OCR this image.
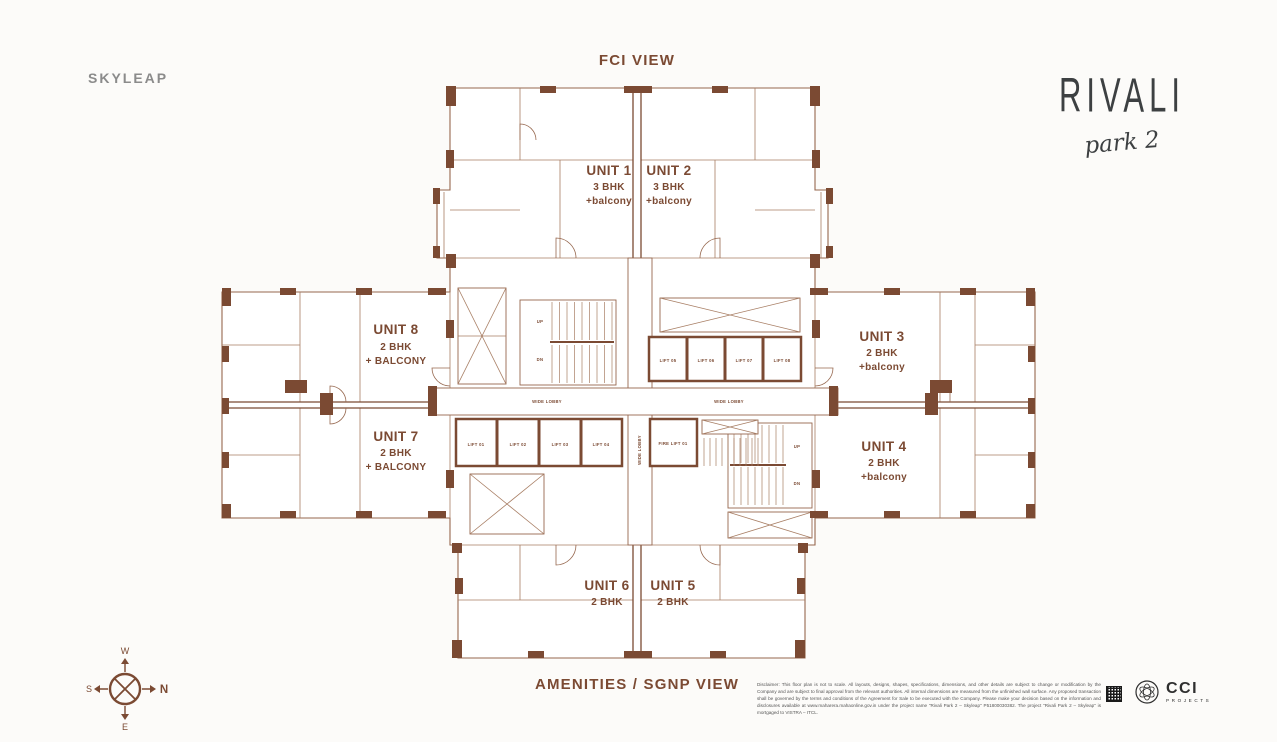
SKYLEAP
FCI VIEW
AMENITIES / SGNP VIEW
RIVALI
park 2
UP
DN
UP
DN
LIFT 05	LIFT 06	LIFT 07	LIFT 08
LIFT 01	LIFT 02	LIFT 03	LIFT 04	FIRE LIFT 01
WIDE LOBBY	WIDE LOBBY
WIDE LOBBY
UNIT 1
3 BHK
+balcony
UNIT 2
3 BHK
+balcony
UNIT 3
2 BHK
+balcony
UNIT 4
2 BHK
+balcony
UNIT 5
2 BHK
UNIT 6
2 BHK
UNIT 7
2 BHK
+ BALCONY
UNIT 8
2 BHK
+ BALCONY
W
N
S
E
Disclaimer: This floor plan is not to scale. All layouts, designs, shapes, specifications, dimensions, and other details are subject to change or modification by the Company and are subject to final approval from the relevant authorities. All internal dimensions are measured from the unfinished wall surface. Any proposed transaction shall be governed by the terms and conditions of the Agreement for Sale to be executed with the Company. Please make your decision based on the information and disclosures available at www.maharera.mahaonline.gov.in under the project name "Rivali Park 2 – Skyleap" P51800030382. The project "Rivali Park 2 – Skyleap" is mortgaged to VISTRA – ITCL.
CCI
PROJECTS
